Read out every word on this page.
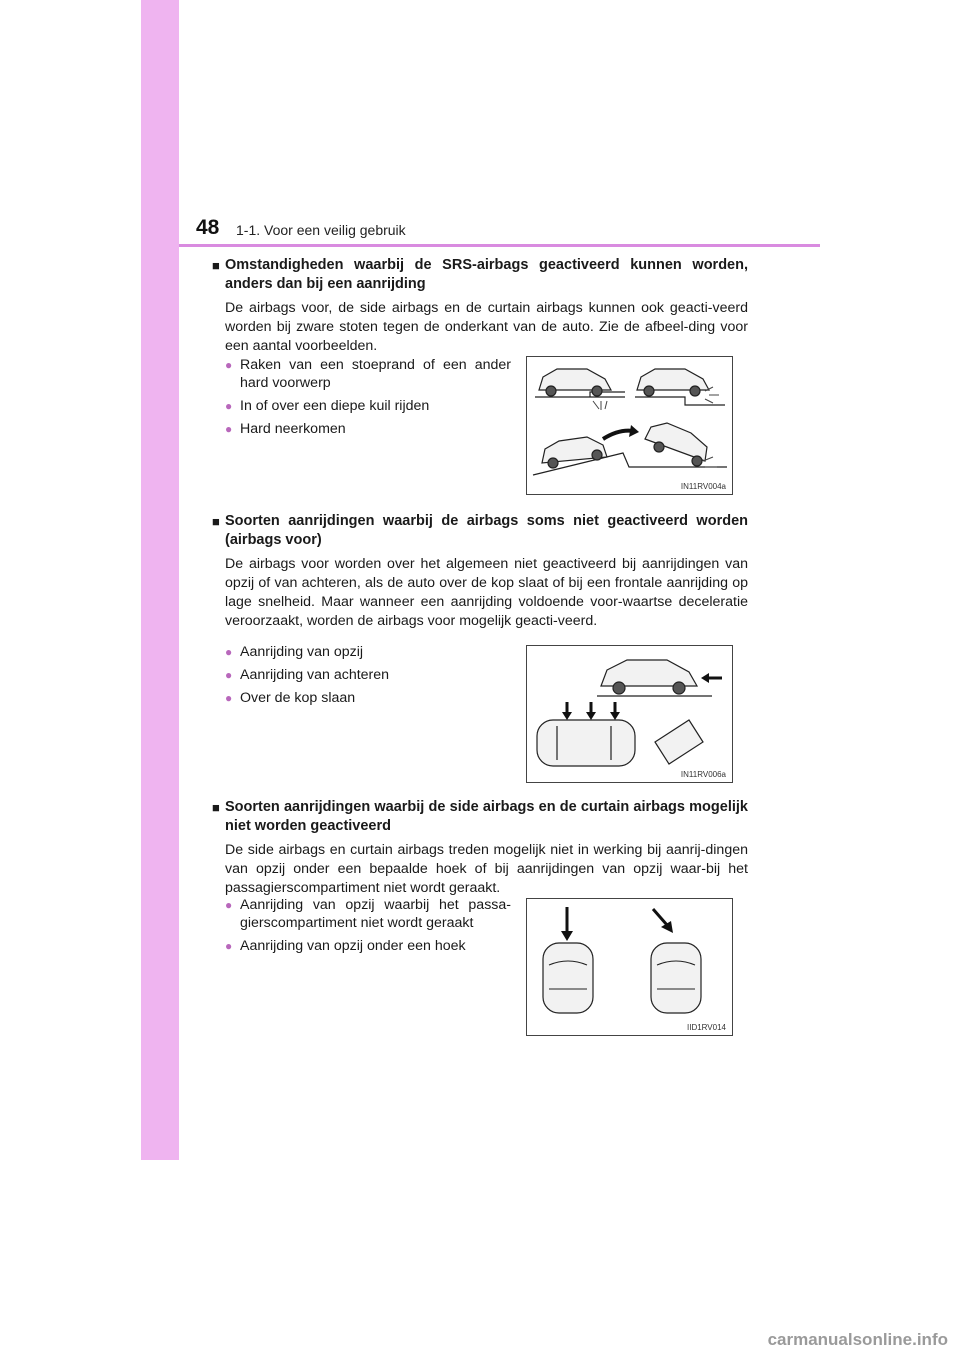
48 1-1. Voor een veilig gebruik
■ Omstandigheden waarbij de SRS-airbags geactiveerd kunnen worden, anders dan bij een aanrijding
De airbags voor, de side airbags en de curtain airbags kunnen ook geacti-veerd worden bij zware stoten tegen de onderkant van de auto. Zie de afbeel-ding voor een aantal voorbeelden.
● Raken van een stoeprand of een ander hard voorwerp
● In of over een diepe kuil rijden
● Hard neerkomen
IN11RV004a
■ Soorten aanrijdingen waarbij de airbags soms niet geactiveerd worden (airbags voor)
De airbags voor worden over het algemeen niet geactiveerd bij aanrijdingen van opzij of van achteren, als de auto over de kop slaat of bij een frontale aanrijding op lage snelheid. Maar wanneer een aanrijding voldoende voor-waartse deceleratie veroorzaakt, worden de airbags voor mogelijk geacti-veerd.
● Aanrijding van opzij
● Aanrijding van achteren
● Over de kop slaan
IN11RV006a
■ Soorten aanrijdingen waarbij de side airbags en de curtain airbags mogelijk niet worden geactiveerd
De side airbags en curtain airbags treden mogelijk niet in werking bij aanrij-dingen van opzij onder een bepaalde hoek of bij aanrijdingen van opzij waar-bij het passagierscompartiment niet wordt geraakt.
● Aanrijding van opzij waarbij het passa-gierscompartiment niet wordt geraakt
● Aanrijding van opzij onder een hoek
IID1RV014
carmanualsonline.info
